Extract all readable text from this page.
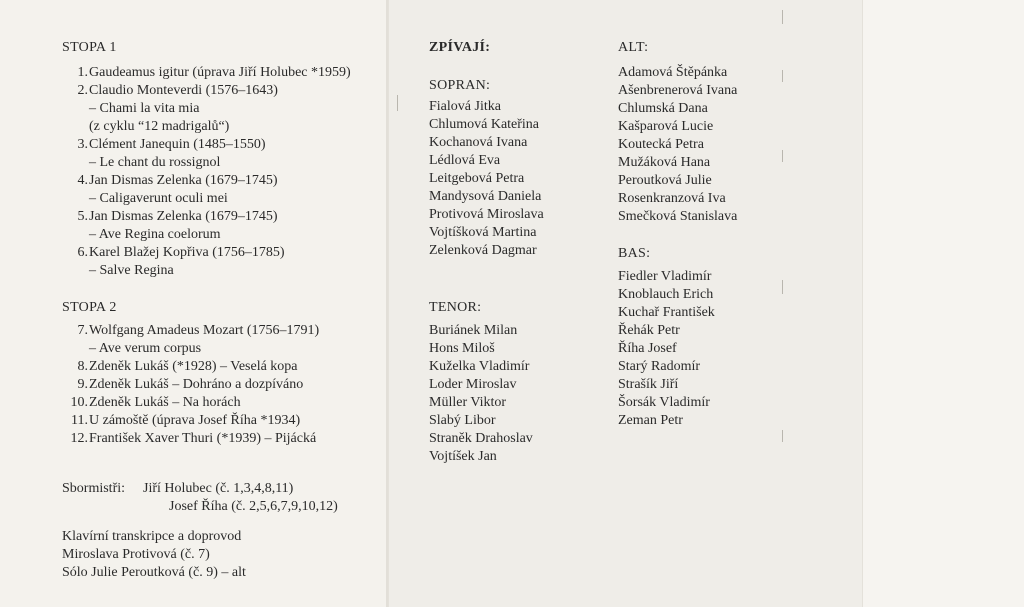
STOPA 1
1.Gaudeamus igitur (úprava Jiří Holubec *1959)
2.Claudio Monteverdi (1576–1643)
– Chami la vita mia
(z cyklu “12 madrigalů“)
3.Clément Janequin (1485–1550)
– Le chant du rossignol
4.Jan Dismas Zelenka (1679–1745)
– Caligaverunt oculi mei
5.Jan Dismas Zelenka (1679–1745)
– Ave Regina coelorum
6.Karel Blažej Kopřiva (1756–1785)
– Salve Regina
STOPA 2
7.Wolfgang Amadeus Mozart (1756–1791)
– Ave verum corpus
8.Zdeněk Lukáš (*1928) – Veselá kopa
9.Zdeněk Lukáš – Dohráno a dozpíváno
10.Zdeněk Lukáš – Na horách
11.U zámoště (úprava Josef Říha *1934)
12.František Xaver Thuri (*1939) – Pijácká
Sbormistři: Jiří Holubec (č. 1,3,4,8,11)
Josef Říha (č. 2,5,6,7,9,10,12)
Klavírní transkripce a doprovod
Miroslava Protivová (č. 7)
Sólo Julie Peroutková (č. 9) – alt
ZPÍVAJÍ:
SOPRAN:
Fialová Jitka
Chlumová Kateřina
Kochanová Ivana
Lédlová Eva
Leitgebová Petra
Mandysová Daniela
Protivová Miroslava
Vojtíšková Martina
Zelenková Dagmar
TENOR:
Buriánek Milan
Hons Miloš
Kuželka Vladimír
Loder Miroslav
Müller Viktor
Slabý Libor
Straněk Drahoslav
Vojtíšek Jan
ALT:
Adamová Štěpánka
Ašenbrenerová Ivana
Chlumská Dana
Kašparová Lucie
Koutecká Petra
Mužáková Hana
Peroutková Julie
Rosenkranzová Iva
Smečková Stanislava
BAS:
Fiedler Vladimír
Knoblauch Erich
Kuchař František
Řehák Petr
Říha Josef
Starý Radomír
Strašík Jiří
Šorsák Vladimír
Zeman Petr
